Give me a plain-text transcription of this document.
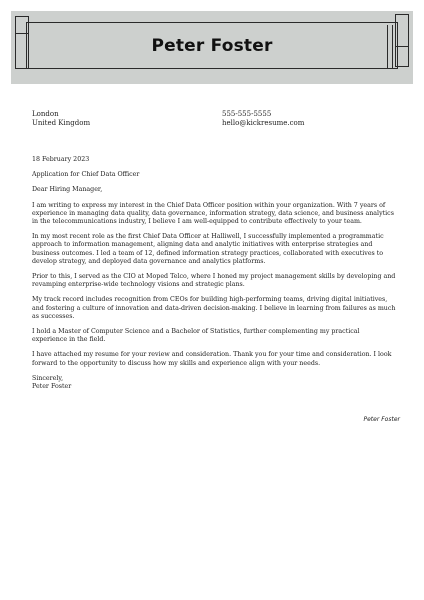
Peter Foster
London
United Kingdom
555-555-5555
hello@kickresume.com

18 February 2023

Application for Chief Data Officer

Dear Hiring Manager,

I am writing to express my interest in the Chief Data Officer position within your organization. With 7 years of experience in managing data quality, data governance, information strategy, data science, and business analytics in the telecommunications industry, I believe I am well-equipped to contribute effectively to your team.

In my most recent role as the first Chief Data Officer at Halliwell, I successfully implemented a programmatic approach to information management, aligning data and analytic initiatives with enterprise strategies and business outcomes. I led a team of 12, defined information strategy practices, collaborated with executives to develop strategy, and deployed data governance and analytics platforms.

Prior to this, I served as the CIO at Moped Telco, where I honed my project management skills by developing and revamping enterprise-wide technology visions and strategic plans.

My track record includes recognition from CEOs for building high-performing teams, driving digital initiatives, and fostering a culture of innovation and data-driven decision-making. I believe in learning from failures as much as successes.

I hold a Master of Computer Science and a Bachelor of Statistics, further complementing my practical experience in the field.

I have attached my resume for your review and consideration. Thank you for your time and consideration. I look forward to the opportunity to discuss how my skills and experience align with your needs.

Sincerely,
Peter Foster
Peter Foster
